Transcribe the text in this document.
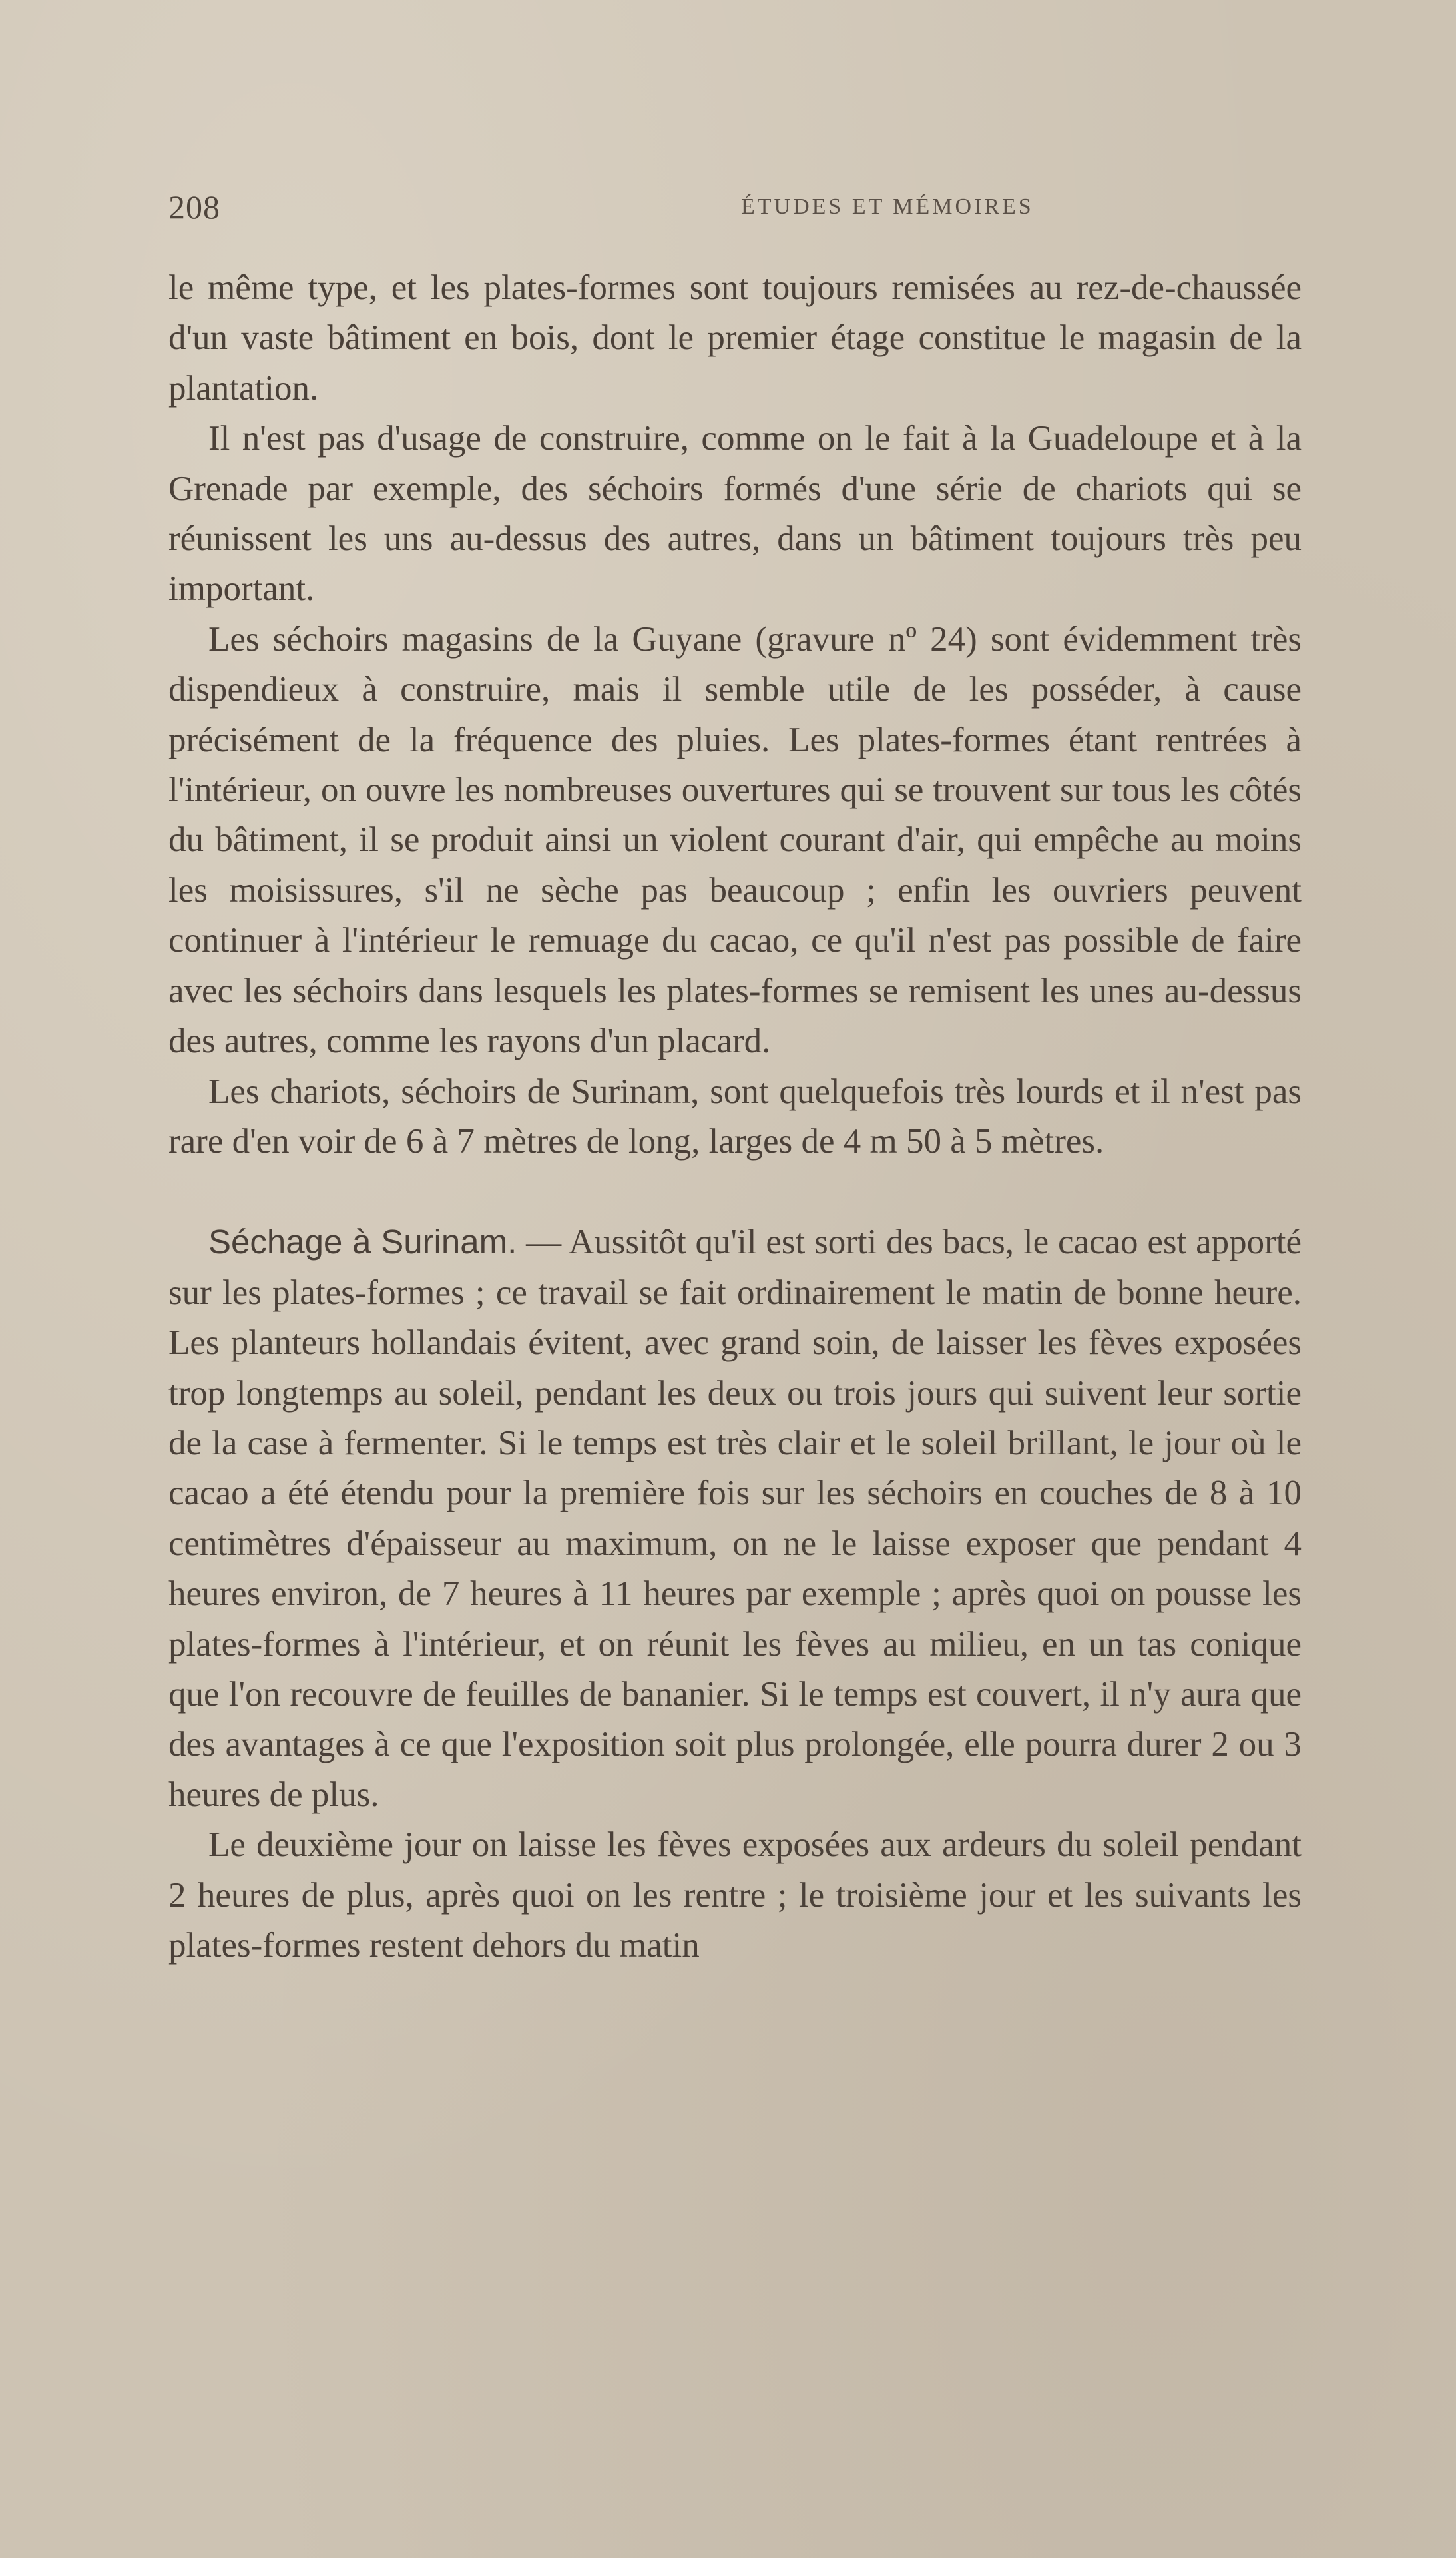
208	ÉTUDES ET MÉMOIRES

le même type, et les plates-formes sont toujours remisées au rez-de-chaussée d'un vaste bâtiment en bois, dont le premier étage constitue le magasin de la plantation.

Il n'est pas d'usage de construire, comme on le fait à la Guadeloupe et à la Grenade par exemple, des séchoirs formés d'une série de chariots qui se réunissent les uns au-dessus des autres, dans un bâtiment toujours très peu important.

Les séchoirs magasins de la Guyane (gravure nº 24) sont évidemment très dispendieux à construire, mais il semble utile de les posséder, à cause précisément de la fréquence des pluies. Les plates-formes étant rentrées à l'intérieur, on ouvre les nombreuses ouvertures qui se trouvent sur tous les côtés du bâtiment, il se produit ainsi un violent courant d'air, qui empêche au moins les moisissures, s'il ne sèche pas beaucoup ; enfin les ouvriers peuvent continuer à l'intérieur le remuage du cacao, ce qu'il n'est pas possible de faire avec les séchoirs dans lesquels les plates-formes se remisent les unes au-dessus des autres, comme les rayons d'un placard.

Les chariots, séchoirs de Surinam, sont quelquefois très lourds et il n'est pas rare d'en voir de 6 à 7 mètres de long, larges de 4 m 50 à 5 mètres.

Séchage à Surinam. — Aussitôt qu'il est sorti des bacs, le cacao est apporté sur les plates-formes ; ce travail se fait ordinairement le matin de bonne heure. Les planteurs hollandais évitent, avec grand soin, de laisser les fèves exposées trop longtemps au soleil, pendant les deux ou trois jours qui suivent leur sortie de la case à fermenter. Si le temps est très clair et le soleil brillant, le jour où le cacao a été étendu pour la première fois sur les séchoirs en couches de 8 à 10 centimètres d'épaisseur au maximum, on ne le laisse exposer que pendant 4 heures environ, de 7 heures à 11 heures par exemple ; après quoi on pousse les plates-formes à l'intérieur, et on réunit les fèves au milieu, en un tas conique que l'on recouvre de feuilles de bananier. Si le temps est couvert, il n'y aura que des avantages à ce que l'exposition soit plus prolongée, elle pourra durer 2 ou 3 heures de plus.

Le deuxième jour on laisse les fèves exposées aux ardeurs du soleil pendant 2 heures de plus, après quoi on les rentre ; le troisième jour et les suivants les plates-formes restent dehors du matin
